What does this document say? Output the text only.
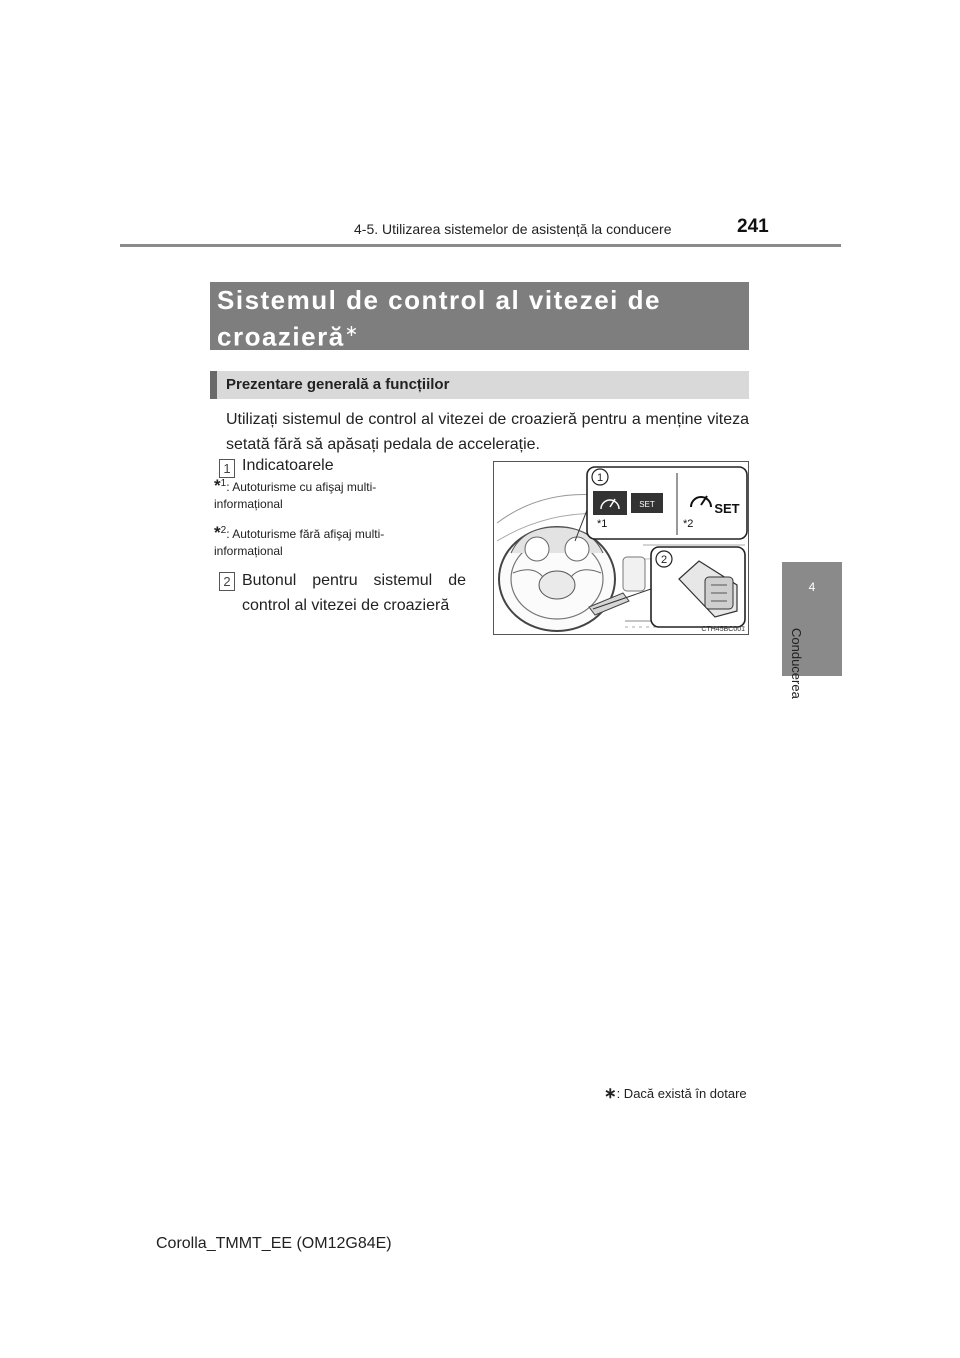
4-5. Utilizarea sistemelor de asistență la conducere	241
4
Conducerea
Sistemul de control al vitezei de croazieră∗
Prezentare generală a funcțiilor
Utilizați sistemul de control al vitezei de croazieră pentru a menține viteza setată fără să apăsați pedala de accelerație.
1 Indicatoarele
*$^1$: Autoturisme cu afişaj multi-informațional
*$^2$: Autoturisme fără afişaj multi-informațional
2 Butonul pentru sistemul de control al vitezei de croazieră
1
2
SET	SET
*1	*2
CTH45BC001
∗: Dacă există în dotare
Corolla_TMMT_EE (OM12G84E)
